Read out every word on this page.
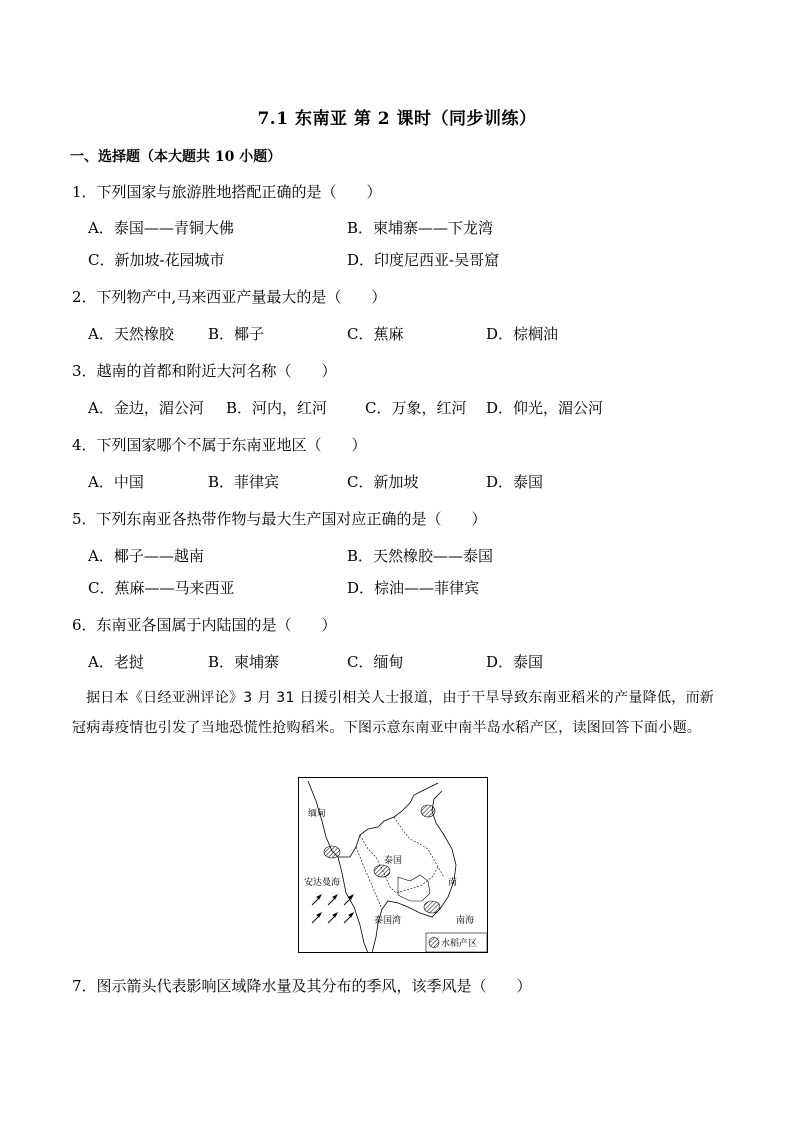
7.1 东南亚 第 2 课时（同步训练）
一、选择题（本大题共 10 小题）
1．下列国家与旅游胜地搭配正确的是（　　）
A．泰国——青铜大佛	B．柬埔寨——下龙湾
C．新加坡-花园城市	D．印度尼西亚-吴哥窟
2．下列物产中,马来西亚产量最大的是（　　）
A．天然橡胶 B．椰子	C．蕉麻	D．棕榈油
3．越南的首都和附近大河名称（　　）
A．金边，湄公河 B．河内，红河	C．万象，红河 D．仰光，湄公河
4．下列国家哪个不属于东南亚地区（　　）
A．中国	B．菲律宾	C．新加坡	D．泰国
5．下列东南亚各热带作物与最大生产国对应正确的是（　　）
A．椰子——越南	B．天然橡胶——泰国
C．蕉麻——马来西亚	D．棕油——菲律宾
6．东南亚各国属于内陆国的是（　　）
A．老挝	B．柬埔寨	C．缅甸	D．泰国
据日本《日经亚洲评论》3 月 31 日援引相关人士报道，由于干旱导致东南亚稻米的产量降低，而新冠病毒疫情也引发了当地恐慌性抢购稻米。下图示意东南亚中南半岛水稻产区，读图回答下面小题。
缅甸
泰国
安达曼海
泰国湾
南
南海
水稻产区
7．图示箭头代表影响区域降水量及其分布的季风，该季风是（　　）
